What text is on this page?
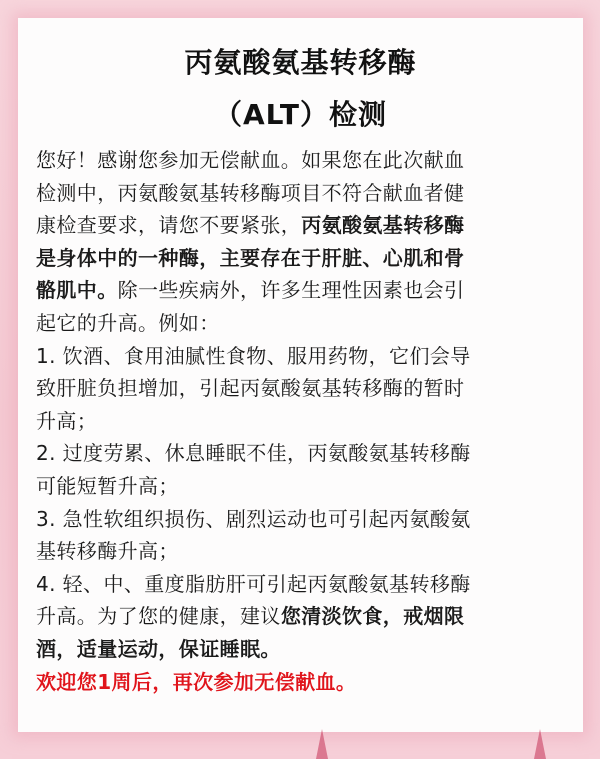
丙氨酸氨基转移酶
（ALT）检测
您好！感谢您参加无偿献血。如果您在此次献血
检测中，丙氨酸氨基转移酶项目不符合献血者健
康检查要求，请您不要紧张，丙氨酸氨基转移酶
是身体中的一种酶，主要存在于肝脏、心肌和骨
骼肌中。除一些疾病外，许多生理性因素也会引
起它的升高。例如：
1. 饮酒、食用油腻性食物、服用药物，它们会导
致肝脏负担增加，引起丙氨酸氨基转移酶的暂时
升高；
2. 过度劳累、休息睡眠不佳，丙氨酸氨基转移酶
可能短暂升高；
3. 急性软组织损伤、剧烈运动也可引起丙氨酸氨
基转移酶升高；
4. 轻、中、重度脂肪肝可引起丙氨酸氨基转移酶
升高。为了您的健康，建议您清淡饮食，戒烟限
酒，适量运动，保证睡眠。
欢迎您1周后，再次参加无偿献血。
